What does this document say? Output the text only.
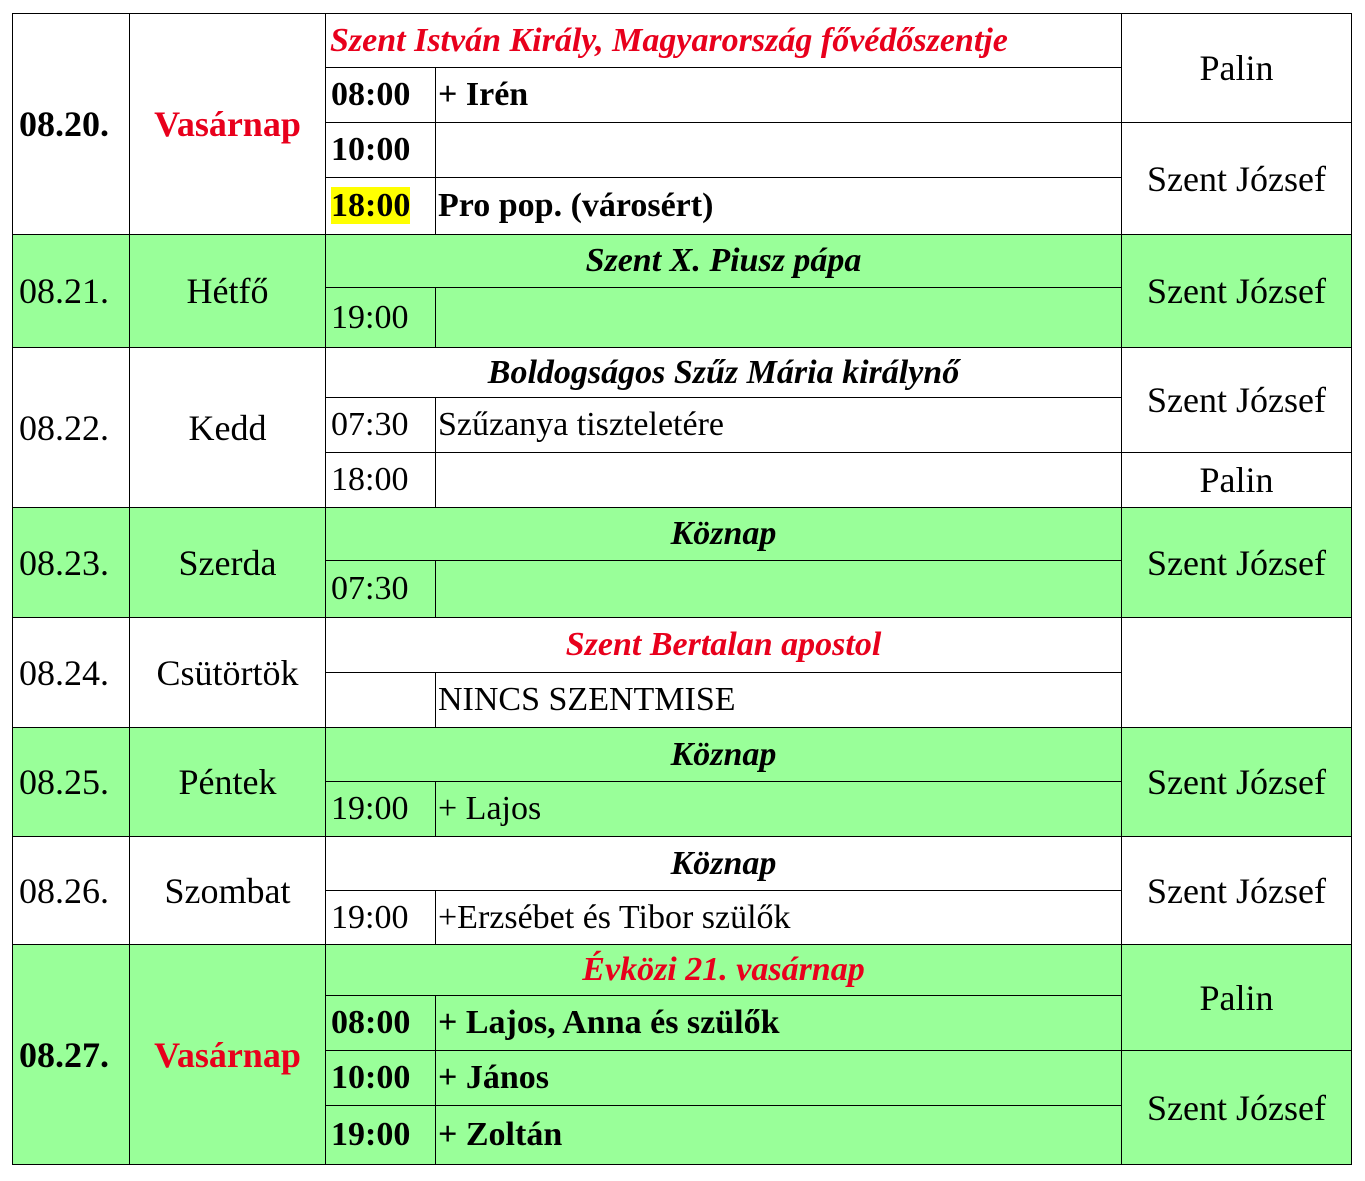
08.20.	Vasárnap	Szent István Király, Magyarország fővédőszentje		Palin
		08:00	+ Irén	
		10:00		Szent József
		18:00	Pro pop. (városért)	
08.21.	Hétfő	Szent X. Piusz pápa		Szent József
		19:00		
08.22.	Kedd	Boldogságos Szűz Mária királynő		Szent József
		07:30	Szűzanya tiszteletére	
		18:00		Palin
08.23.	Szerda	Köznap		Szent József
		07:30		
08.24.	Csütörtök	Szent Bertalan apostol		
			NINCS SZENTMISE	
08.25.	Péntek	Köznap		Szent József
		19:00	+ Lajos	
08.26.	Szombat	Köznap		Szent József
		19:00	+Erzsébet és Tibor szülők	
08.27.	Vasárnap	Évközi 21. vasárnap		Palin
		08:00	+ Lajos, Anna és szülők	
		10:00	+ János	Szent József
		19:00	+ Zoltán	
